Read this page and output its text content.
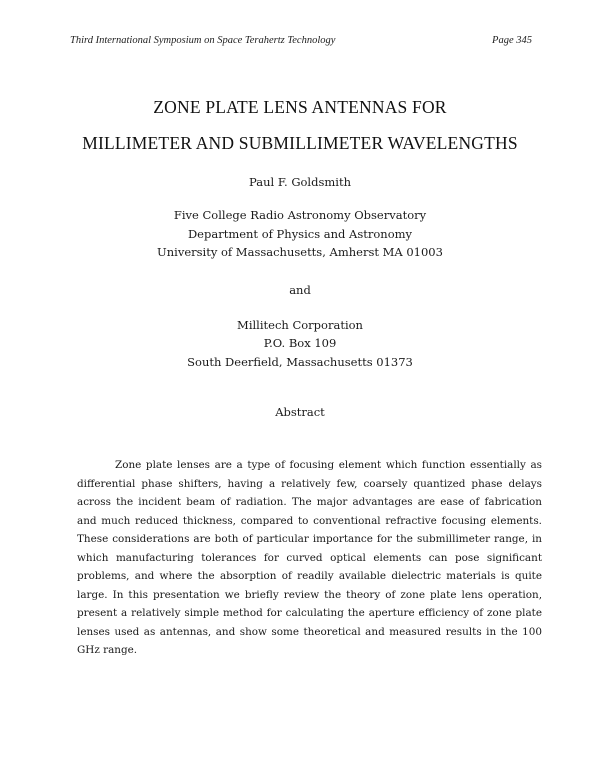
Third International Symposium on Space Terahertz Technology	Page 345
ZONE PLATE LENS ANTENNAS FOR
MILLIMETER AND SUBMILLIMETER WAVELENGTHS
Paul F. Goldsmith
Five College Radio Astronomy Observatory
Department of Physics and Astronomy
University of Massachusetts, Amherst MA 01003
and
Millitech Corporation
P.O. Box 109
South Deerfield, Massachusetts 01373
Abstract

Zone plate lenses are a type of focusing element which function essentially as differential phase shifters, having a relatively few, coarsely quantized phase delays across the incident beam of radiation. The major advantages are ease of fabrication and much reduced thickness, compared to conventional refractive focusing elements. These considerations are both of particular importance for the submillimeter range, in which manufacturing tolerances for curved optical elements can pose significant problems, and where the absorption of readily available dielectric materials is quite large. In this presentation we briefly review the theory of zone plate lens operation, present a relatively simple method for calculating the aperture efficiency of zone plate lenses used as antennas, and show some theoretical and measured results in the 100 GHz range.
